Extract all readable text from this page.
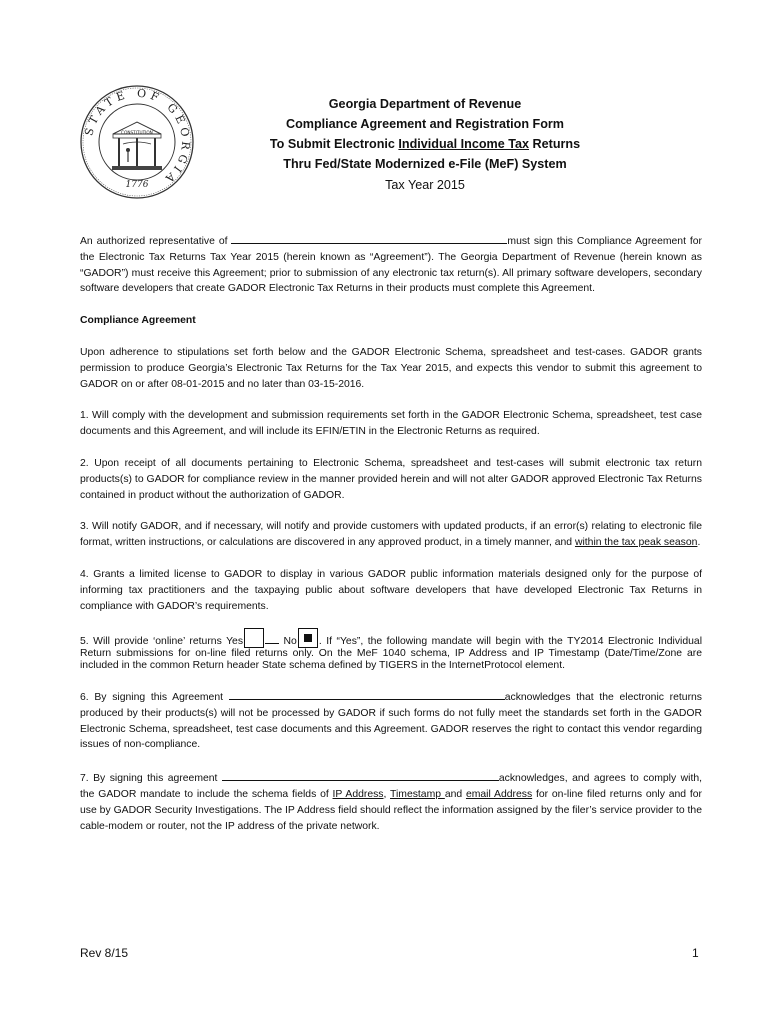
STATE OF GEORGIA
CONSTITUTION
1776
Georgia Department of Revenue
Compliance Agreement and Registration Form
To Submit Electronic Individual Income Tax Returns
Thru Fed/State Modernized e-File (MeF) System
Tax Year 2015

An authorized representative of	must sign this Compliance Agreement for the Electronic Tax Returns Tax Year 2015 (herein known as “Agreement”). The Georgia Department of Revenue (herein known as “GADOR”) must receive this Agreement; prior to submission of any electronic tax return(s). All primary software developers, secondary software developers that create GADOR Electronic Tax Returns in their products must complete this Agreement.

Compliance Agreement

Upon adherence to stipulations set forth below and the GADOR Electronic Schema, spreadsheet and test-cases. GADOR grants permission to produce Georgia’s Electronic Tax Returns for the Tax Year 2015, and expects this vendor to submit this agreement to GADOR on or after 08-01-2015 and no later than 03-15-2016.

1. Will comply with the development and submission requirements set forth in the GADOR Electronic Schema, spreadsheet, test case documents and this Agreement, and will include its EFIN/ETIN in the Electronic Returns as required.

2. Upon receipt of all documents pertaining to Electronic Schema, spreadsheet and test-cases will submit electronic tax return products(s) to GADOR for compliance review in the manner provided herein and will not alter GADOR approved Electronic Tax Returns contained in product without the authorization of GADOR.

3. Will notify GADOR, and if necessary, will notify and provide customers with updated products, if an error(s) relating to electronic file format, written instructions, or calculations are discovered in any approved product, in a timely manner, and within the tax peak season.

4. Grants a limited license to GADOR to display in various GADOR public information materials designed only for the purpose of informing tax practitioners and the taxpaying public about software developers that have developed Electronic Tax Returns in compliance with GADOR’s requirements.

5. Will provide ‘online’ returns Yes	No . If “Yes”, the following mandate will begin with the TY2014 Electronic Individual Return submissions for on-line filed returns only. On the MeF 1040 schema, IP Address and IP Timestamp (Date/Time/Zone are included in the common Return header State schema defined by TIGERS in the InternetProtocol element.

6. By signing this Agreement	acknowledges that the electronic returns produced by their products(s) will not be processed by GADOR if such forms do not fully meet the standards set forth in the GADOR Electronic Schema, spreadsheet, test case documents and this Agreement. GADOR reserves the right to contact this vendor regarding issues of non-compliance.

7. By signing this agreement	acknowledges, and agrees to comply with, the GADOR mandate to include the schema fields of IP Address, Timestamp and email Address for on-line filed returns only and for use by GADOR Security Investigations. The IP Address field should reflect the information assigned by the filer’s service provider to the cable-modem or router, not the IP address of the private network.

Rev 8/15	1
